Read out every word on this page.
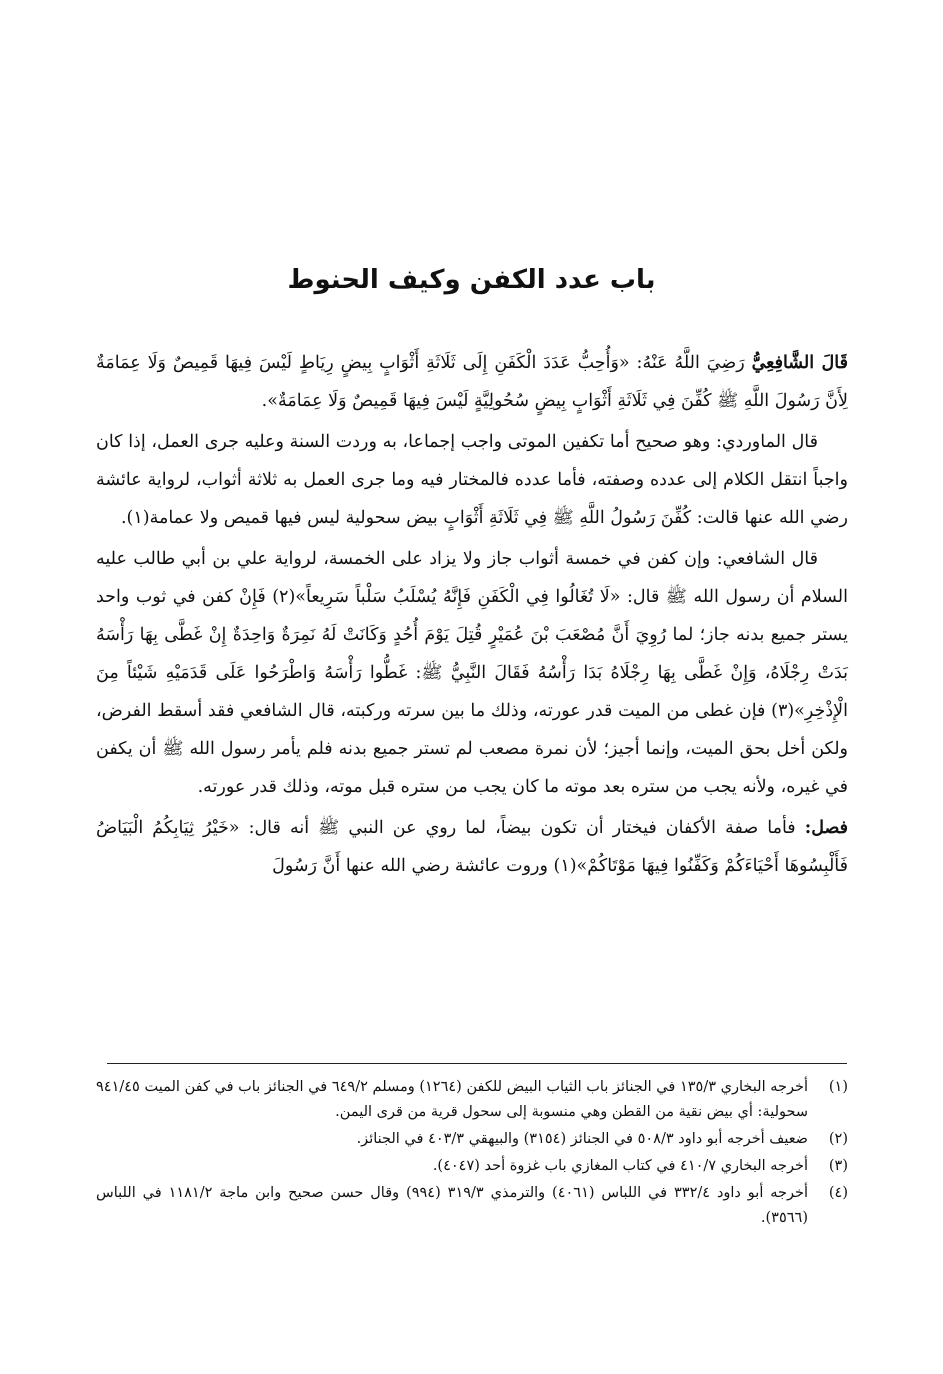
باب عدد الكفن وكيف الحنوط

قَالَ الشَّافِعِيُّ رَضِيَ اللَّهُ عَنْهُ: «وَأُحِبُّ عَدَدَ الْكَفَنِ إِلَى ثَلَاثَةِ أَثْوَابٍ بِيضٍ رِيَاطٍ لَيْسَ فِيهَا قَمِيصٌ وَلَا عِمَامَةٌ لِأَنَّ رَسُولَ اللَّهِ ﷺ كُفِّنَ فِي ثَلَاثَةِ أَثْوَابٍ بِيضٍ سُحُولِيَّةٍ لَيْسَ فِيهَا قَمِيصٌ وَلَا عِمَامَةٌ».

قال الماوردي: وهو صحيح أما تكفين الموتى واجب إجماعا، به وردت السنة وعليه جرى العمل، إذا كان واجباً انتقل الكلام إلى عدده وصفته، فأما عدده فالمختار فيه وما جرى العمل به ثلاثة أثواب، لرواية عائشة رضي الله عنها قالت: كُفِّنَ رَسُولُ اللَّهِ ﷺ فِي ثَلَاثَةِ أَثْوَابٍ بيض سحولية ليس فيها قميص ولا عمامة(١).

قال الشافعي: وإن كفن في خمسة أثواب جاز ولا يزاد على الخمسة، لرواية علي بن أبي طالب عليه السلام أن رسول الله ﷺ قال: «لَا تُغَالُوا فِي الْكَفَنِ فَإِنَّهُ يُسْلَبُ سَلْباً سَرِيعاً»(٢) فَإِنْ كفن في ثوب واحد يستر جميع بدنه جاز؛ لما رُوِيَ أَنَّ مُصْعَبَ بْنَ عُمَيْرٍ قُتِلَ يَوْمَ أُحُدٍ وَكَانَتْ لَهُ نَمِرَةٌ وَاحِدَةٌ إِنْ غَطَّى بِهَا رَأْسَهُ بَدَتْ رِجْلَاهُ، وَإِنْ غَطَّى بِهَا رِجْلَاهُ بَدَا رَأْسُهُ فَقَالَ النَّبِيُّ ﷺ: غَطُّوا رَأْسَهُ وَاطْرَحُوا عَلَى قَدَمَيْهِ شَيْئاً مِنَ الْإِذْخِرِ»(٣) فإن غطى من الميت قدر عورته، وذلك ما بين سرته وركبته، قال الشافعي فقد أسقط الفرض، ولكن أخل بحق الميت، وإنما أجيز؛ لأن نمرة مصعب لم تستر جميع بدنه فلم يأمر رسول الله ﷺ أن يكفن في غيره، ولأنه يجب من ستره بعد موته ما كان يجب من ستره قبل موته، وذلك قدر عورته.

فصل: فأما صفة الأكفان فيختار أن تكون بيضاً، لما روي عن النبي ﷺ أنه قال: «خَيْرُ ثِيَابِكُمُ الْبَيَاضُ فَأَلْبِسُوهَا أَحْيَاءَكُمْ وَكَفِّنُوا فِيهَا مَوْتَاكُمْ»(١) وروت عائشة رضي الله عنها أَنَّ رَسُولَ

(١)
أخرجه البخاري ١٣٥/٣ في الجنائز باب الثياب البيض للكفن (١٢٦٤) ومسلم ٦٤٩/٢ في الجنائز باب في كفن الميت ٩٤١/٤٥ سحولية: أي بيض نقية من القطن وهي منسوبة إلى سحول قرية من قرى اليمن.
(٢)
ضعيف أخرجه أبو داود ٥٠٨/٣ في الجنائز (٣١٥٤) والبيهقي ٤٠٣/٣ في الجنائز.
(٣)
أخرجه البخاري ٤١٠/٧ في كتاب المغازي باب غزوة أحد (٤٠٤٧).
(٤)
أخرجه أبو داود ٣٣٢/٤ في اللباس (٤٠٦١) والترمذي ٣١٩/٣ (٩٩٤) وقال حسن صحيح وابن ماجة ١١٨١/٢ في اللباس (٣٥٦٦).
